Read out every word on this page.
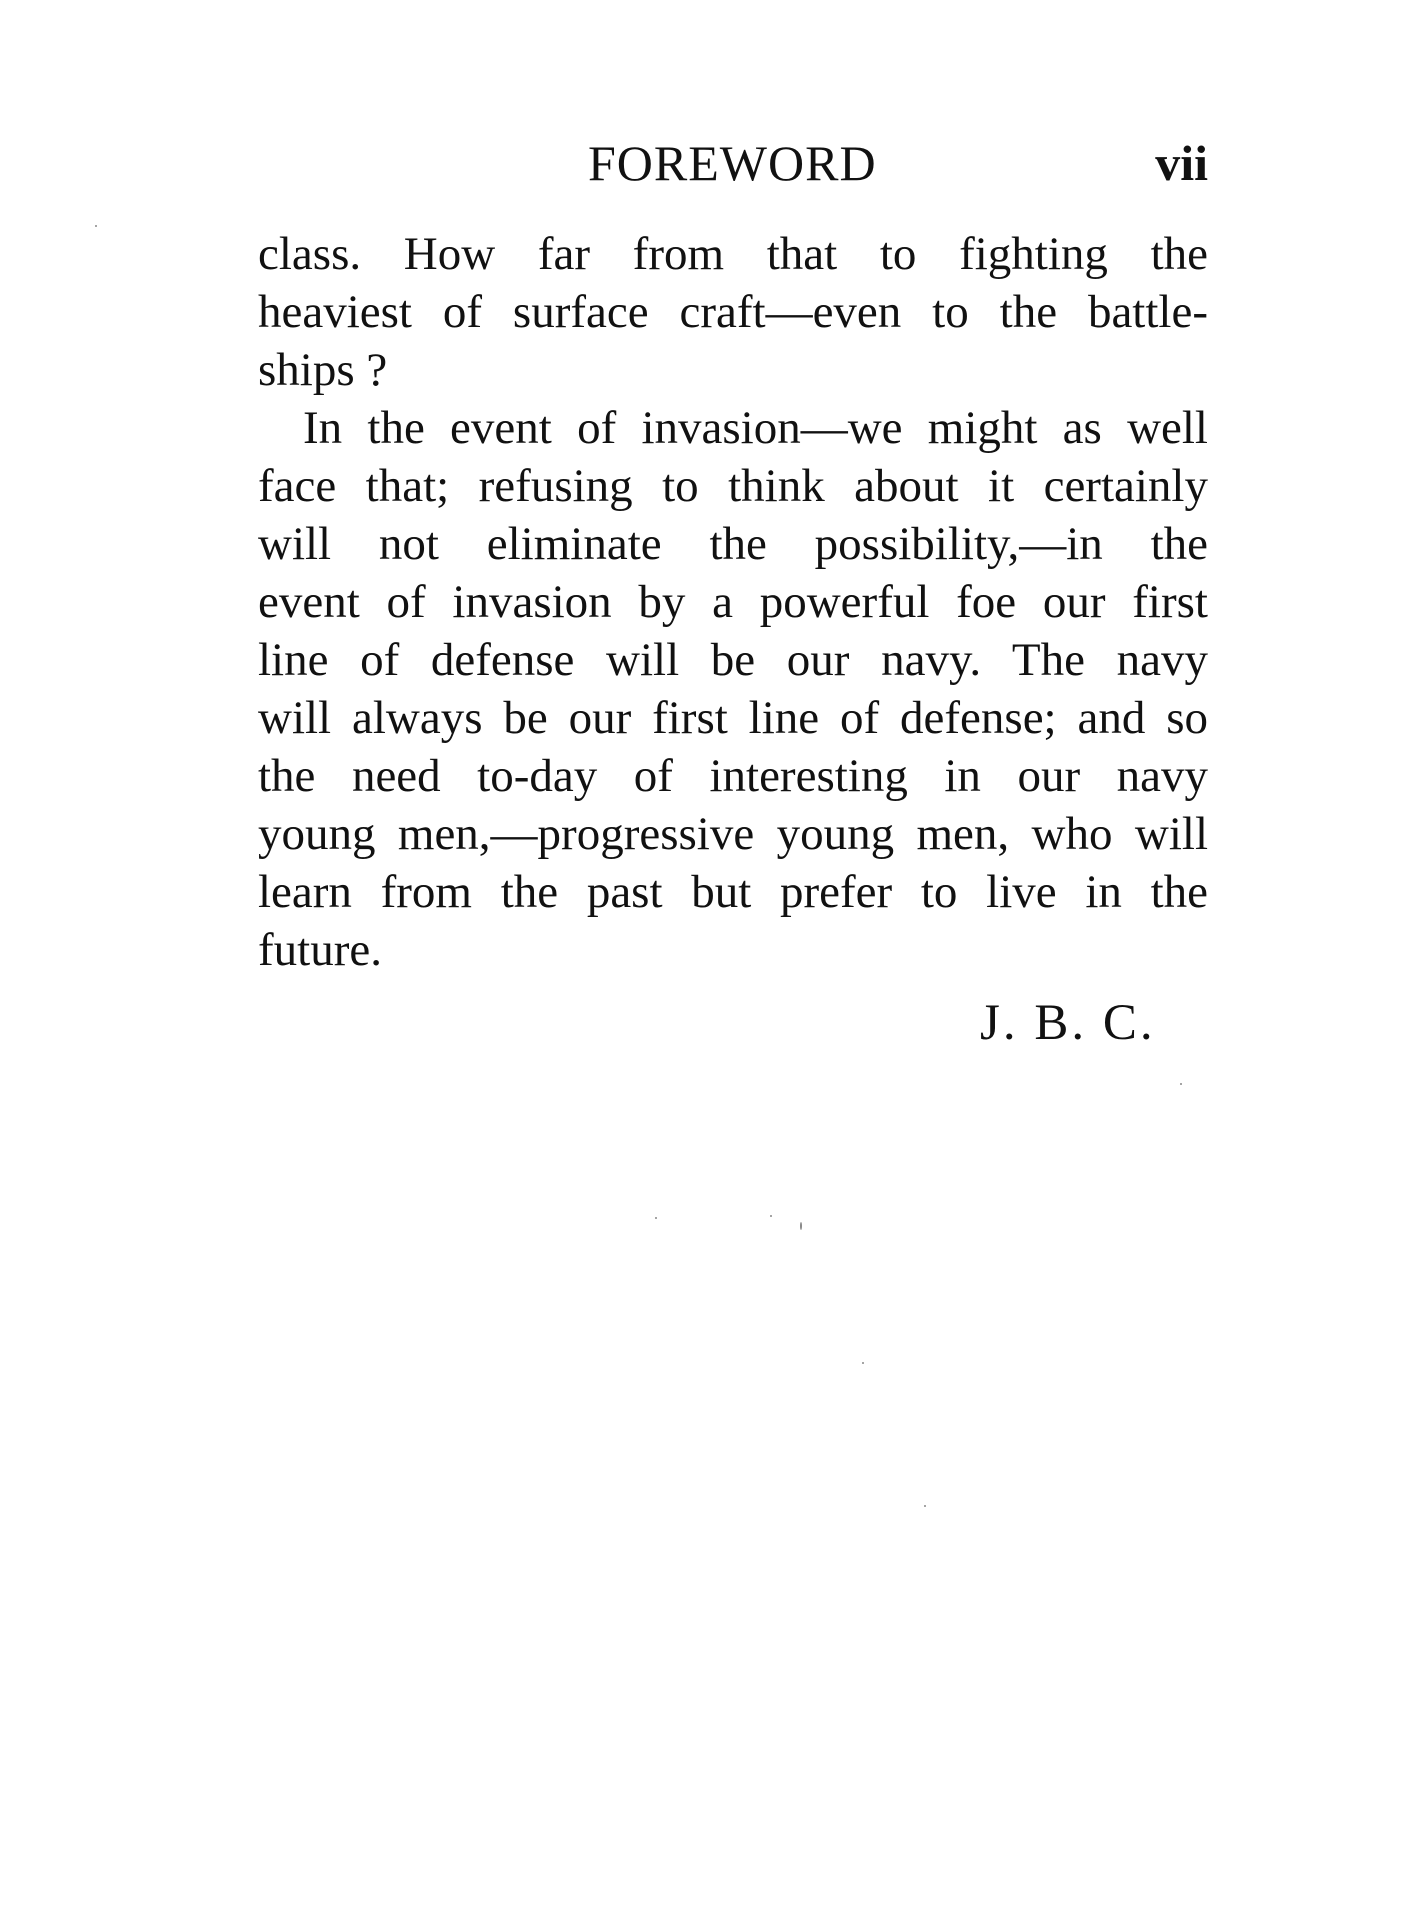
FOREWORD	vii
class. How far from that to fighting the
heaviest of surface craft—even to the battle-
ships ?
In the event of invasion—we might as well
face that; refusing to think about it certainly
will not eliminate the possibility,—in the
event of invasion by a powerful foe our first
line of defense will be our navy. The navy
will always be our first line of defense; and so
the need to-day of interesting in our navy
young men,—progressive young men, who will
learn from the past but prefer to live in the
future.
J. B. C.
